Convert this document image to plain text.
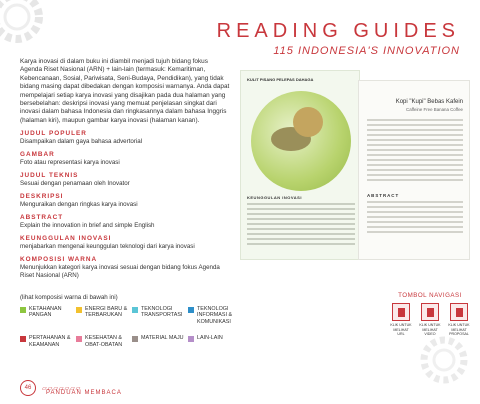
READING GUIDES
115 INDONESIA'S INNOVATION

Karya inovasi di dalam buku ini diambil menjadi tujuh bidang fokus Agenda Riset Nasional (ARN) + lain-lain (termasuk: Kemaritiman, Kebencanaan, Sosial, Pariwisata, Seni-Budaya, Pendidikan), yang tidak bidang masing dapat dibedakan dengan komposisi warnanya. Anda dapat mempelajari setiap karya inovasi yang disajikan pada dua halaman yang bersebelahan: deskripsi inovasi yang memuat penjelasan singkat dari inovasi dalam bahasa Indonesia dan ringkasannya dalam bahasa Inggris (halaman kiri), maupun gambar karya inovasi (halaman kanan).

JUDUL POPULER
Disampaikan dalam gaya bahasa advertorial
GAMBAR
Foto atau representasi karya inovasi
JUDUL TEKNIS
Sesuai dengan penamaan oleh Inovator
DESKRIPSI
Menguraikan dengan ringkas karya inovasi
ABSTRACT
Explain the innovation in brief and simple English
KEUNGGULAN INOVASI
menjabarkan mengenai keunggulan teknologi dari karya inovasi
KOMPOSISI WARNA
Menunjukkan kategori karya inovasi sesuai dengan bidang fokus Agenda Riset Nasional (ARN)
(lihat komposisi warna di bawah ini)
KETAHANAN PANGAN
ENERGI BARU & TERBARUKAN
TEKNOLOGI TRANSPORTASI
TEKNOLOGI INFORMASI & KOMUNIKASI
PERTAHANAN & KEAMANAN
KESEHATAN & OBAT-OBATAN
MATERIAL MAJU LAIN-LAIN
KULIT PISANG PELEPAS DAHAGA
KEUNGGULAN INOVASI
Kopi "Kupi" Bebas Kafein
Caffeine Free Banana Coffee
ABSTRACT
TOMBOL NAVIGASI
KLIK UNTUK MELIHAT URL
KLIK UNTUK MELIHAT VIDEO
KLIK UNTUK MELIHAT PROPOSAL
46	▱▱▱▱▱▱▱
PANDUAN MEMBACA
